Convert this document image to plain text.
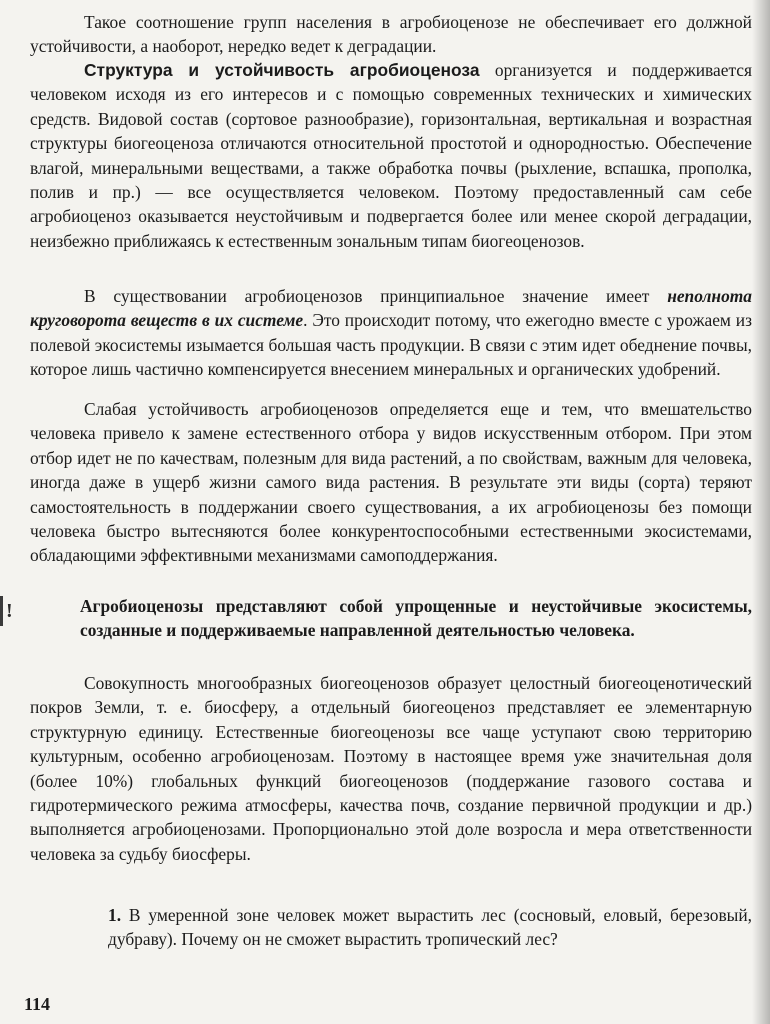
Такое соотношение групп населения в агробиоценозе не обеспечивает его должной устойчивости, а наоборот, нередко ведет к деградации.

Структура и устойчивость агробиоценоза организуется и поддерживается человеком исходя из его интересов и с помощью современных технических и химических средств. Видовой состав (сортовое разнообразие), горизонтальная, вертикальная и возрастная структуры биогеоценоза отличаются относительной простотой и однородностью. Обеспечение влагой, минеральными веществами, а также обработка почвы (рыхление, вспашка, прополка, полив и пр.) — все осуществляется человеком. Поэтому предоставленный сам себе агробиоценоз оказывается неустойчивым и подвергается более или менее скорой деградации, неизбежно приближаясь к естественным зональным типам биогеоценозов.

В существовании агробиоценозов принципиальное значение имеет неполнота круговорота веществ в их системе. Это происходит потому, что ежегодно вместе с урожаем из полевой экосистемы изымается большая часть продукции. В связи с этим идет обеднение почвы, которое лишь частично компенсируется внесением минеральных и органических удобрений.

Слабая устойчивость агробиоценозов определяется еще и тем, что вмешательство человека привело к замене естественного отбора у видов искусственным отбором. При этом отбор идет не по качествам, полезным для вида растений, а по свойствам, важным для человека, иногда даже в ущерб жизни самого вида растения. В результате эти виды (сорта) теряют самостоятельность в поддержании своего существования, а их агробиоценозы без помощи человека быстро вытесняются более конкурентоспособными естественными экосистемами, обладающими эффективными механизмами самоподдержания.

!	Агробиоценозы представляют собой упрощенные и неустойчивые экосистемы, созданные и поддерживаемые направленной деятельностью человека.

Совокупность многообразных биогеоценозов образует целостный биогеоценотический покров Земли, т. е. биосферу, а отдельный биогеоценоз представляет ее элементарную структурную единицу. Естественные биогеоценозы все чаще уступают свою территорию культурным, особенно агробиоценозам. Поэтому в настоящее время уже значительная доля (более 10%) глобальных функций биогеоценозов (поддержание газового состава и гидротермического режима атмосферы, качества почв, создание первичной продукции и др.) выполняется агробиоценозами. Пропорционально этой доле возросла и мера ответственности человека за судьбу биосферы.

1. В умеренной зоне человек может вырастить лес (сосновый, еловый, березовый, дубраву). Почему он не сможет вырастить тропический лес?

114
